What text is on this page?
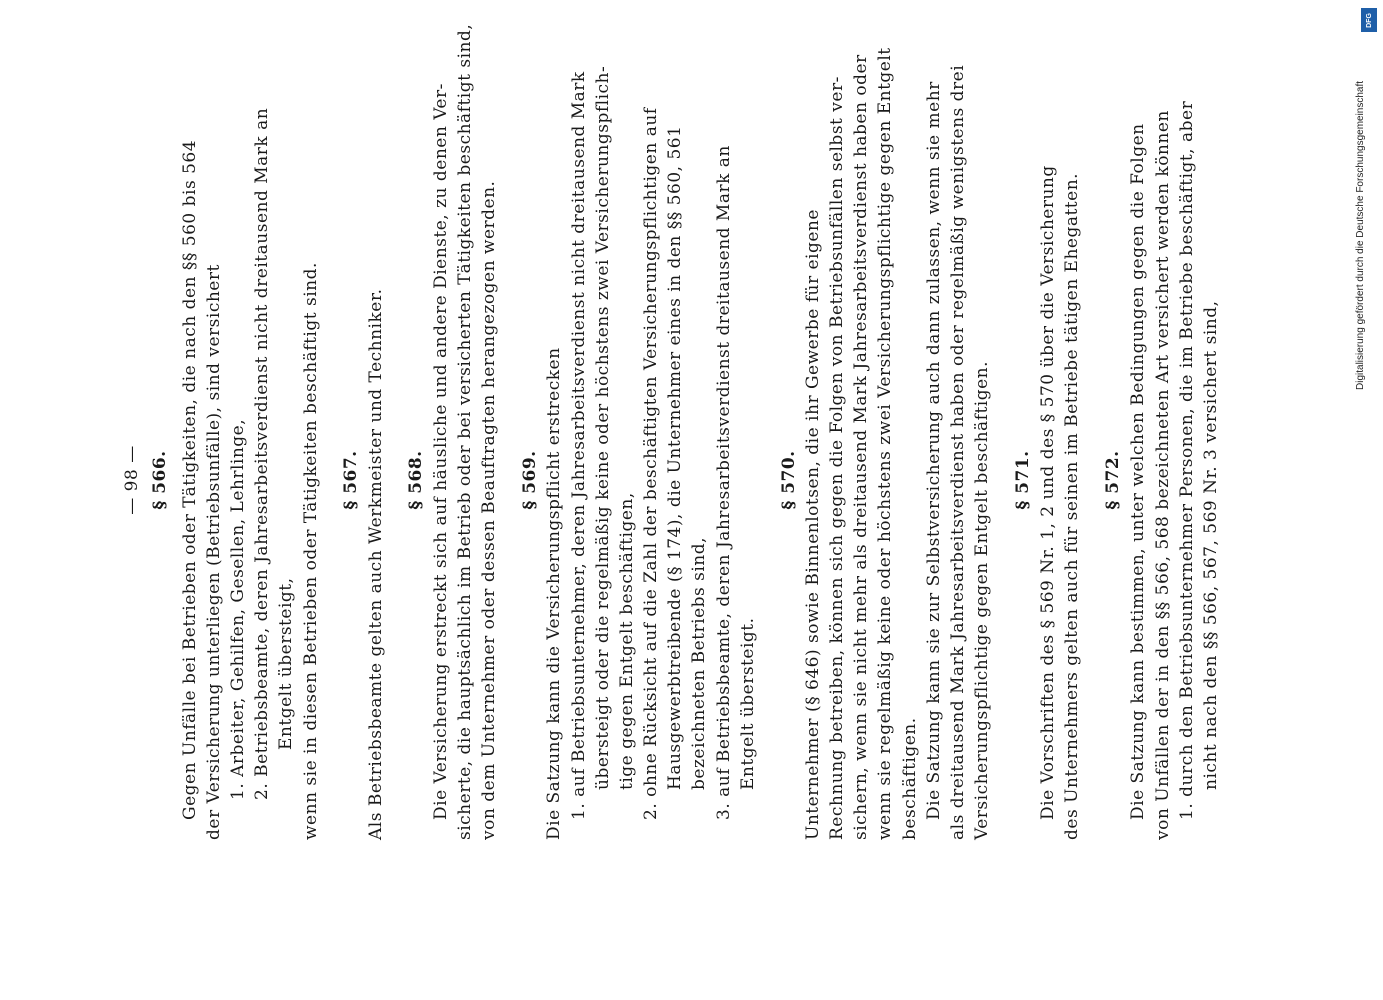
— 98 — § 566. Gegen Unfälle bei Betrieben oder Tätigkeiten, die nach den §§ 560 bis 564 der Versicherung unterliegen (Betriebsunfälle), sind versichert 1. Arbeiter, Gehilfen, Gesellen, Lehrlinge, 2. Betriebsbeamte, deren Jahresarbeitsverdienst nicht dreitausend Mark an Entgelt übersteigt, wenn sie in diesen Betrieben oder Tätigkeiten beschäftigt sind. § 567. Als Betriebsbeamte gelten auch Werkmeister und Techniker. § 568. Die Versicherung erstreckt sich auf häusliche und andere Dienste, zu denen Ver- sicherte, die hauptsächlich im Betrieb oder bei versicherten Tätigkeiten beschäftigt sind, von dem Unternehmer oder dessen Beauftragten herangezogen werden. § 569. Die Satzung kann die Versicherungspflicht erstrecken 1. auf Betriebsunternehmer, deren Jahresarbeitsverdienst nicht dreitausend Mark übersteigt oder die regelmäßig keine oder höchstens zwei Versicherungspflich- tige gegen Entgelt beschäftigen, 2. ohne Rücksicht auf die Zahl der beschäftigten Versicherungspflichtigen auf Hausgewerbtreibende (§ 174), die Unternehmer eines in den §§ 560, 561 bezeichneten Betriebs sind, 3. auf Betriebsbeamte, deren Jahresarbeitsverdienst dreitausend Mark an Entgelt übersteigt.
§ 570. Unternehmer (§ 646) sowie Binnenlotsen, die ihr Gewerbe für eigene Rechnung betreiben, können sich gegen die Folgen von Betriebsunfällen selbst ver- sichern, wenn sie nicht mehr als dreitausend Mark Jahresarbeitsverdienst haben oder wenn sie regelmäßig keine oder höchstens zwei Versicherungspflichtige gegen Entgelt beschäftigen. Die Satzung kann sie zur Selbstversicherung auch dann zulassen, wenn sie mehr als dreitausend Mark Jahresarbeitsverdienst haben oder regelmäßig wenigstens drei Versicherungspflichtige gegen Entgelt beschäftigen. § 571. Die Vorschriften des § 569 Nr. 1, 2 und des § 570 über die Versicherung des Unternehmers gelten auch für seinen im Betriebe tätigen Ehegatten. § 572. Die Satzung kann bestimmen, unter welchen Bedingungen gegen die Folgen von Unfällen der in den §§ 566, 568 bezeichneten Art versichert werden können 1. durch den Betriebsunternehmer Personen, die im Betriebe beschäftigt, aber nicht nach den §§ 566, 567, 569 Nr. 3 versichert sind,
DFG
Digitalisierung gefördert durch die Deutsche Forschungsgemeinschaft
